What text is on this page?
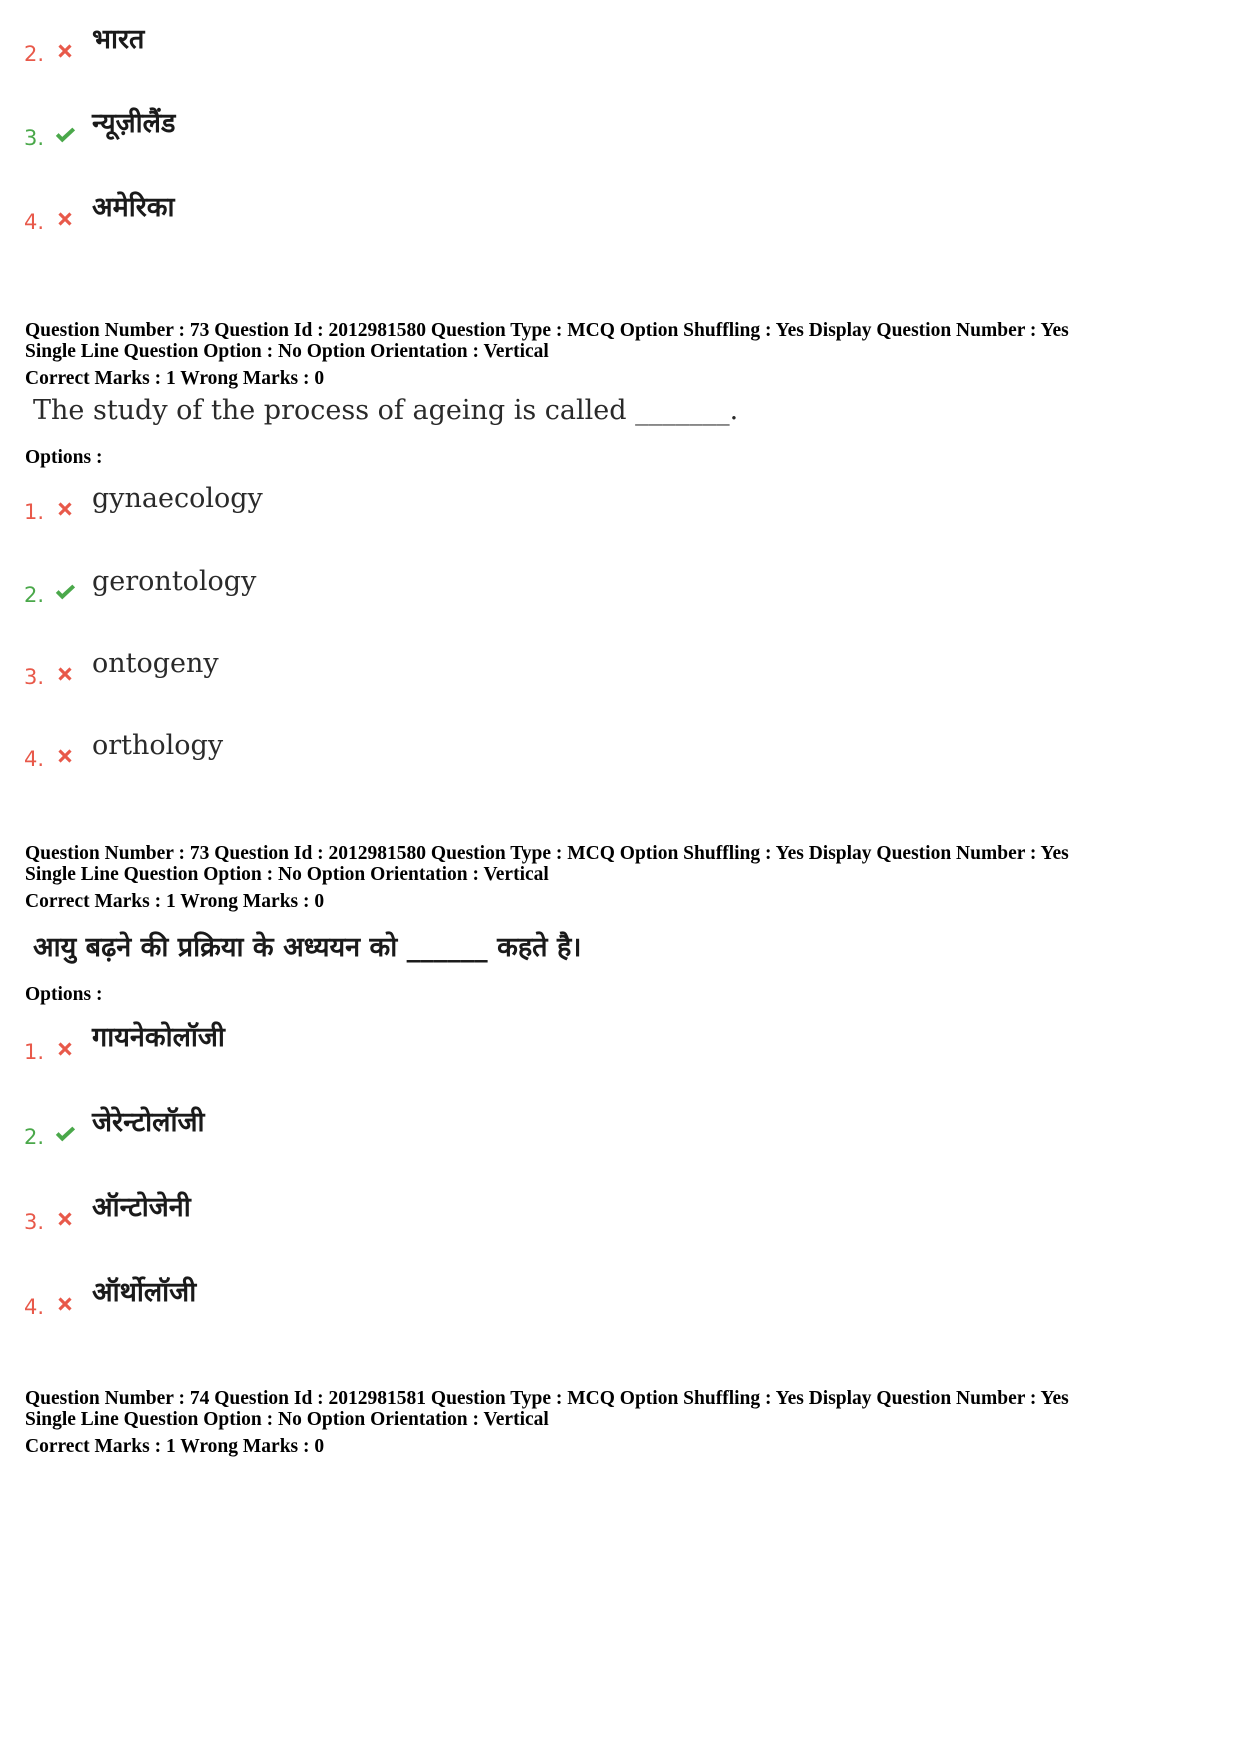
2. भारत
3. न्यूज़ीलैंड
4. अमेरिका
Question Number : 73 Question Id : 2012981580 Question Type : MCQ Option Shuffling : Yes Display Question Number : Yes
Single Line Question Option : No Option Orientation : Vertical
Correct Marks : 1 Wrong Marks : 0
The study of the process of ageing is called _______.
Options :
1. gynaecology
2. gerontology
3. ontogeny
4. orthology
Question Number : 73 Question Id : 2012981580 Question Type : MCQ Option Shuffling : Yes Display Question Number : Yes
Single Line Question Option : No Option Orientation : Vertical
Correct Marks : 1 Wrong Marks : 0
आयु बढ़ने की प्रक्रिया के अध्ययन को ______ कहते है।
Options :
1. गायनेकोलॉजी
2. जेरेन्टोलॉजी
3. ऑन्टोजेनी
4. ऑर्थोलॉजी
Question Number : 74 Question Id : 2012981581 Question Type : MCQ Option Shuffling : Yes Display Question Number : Yes
Single Line Question Option : No Option Orientation : Vertical
Correct Marks : 1 Wrong Marks : 0
